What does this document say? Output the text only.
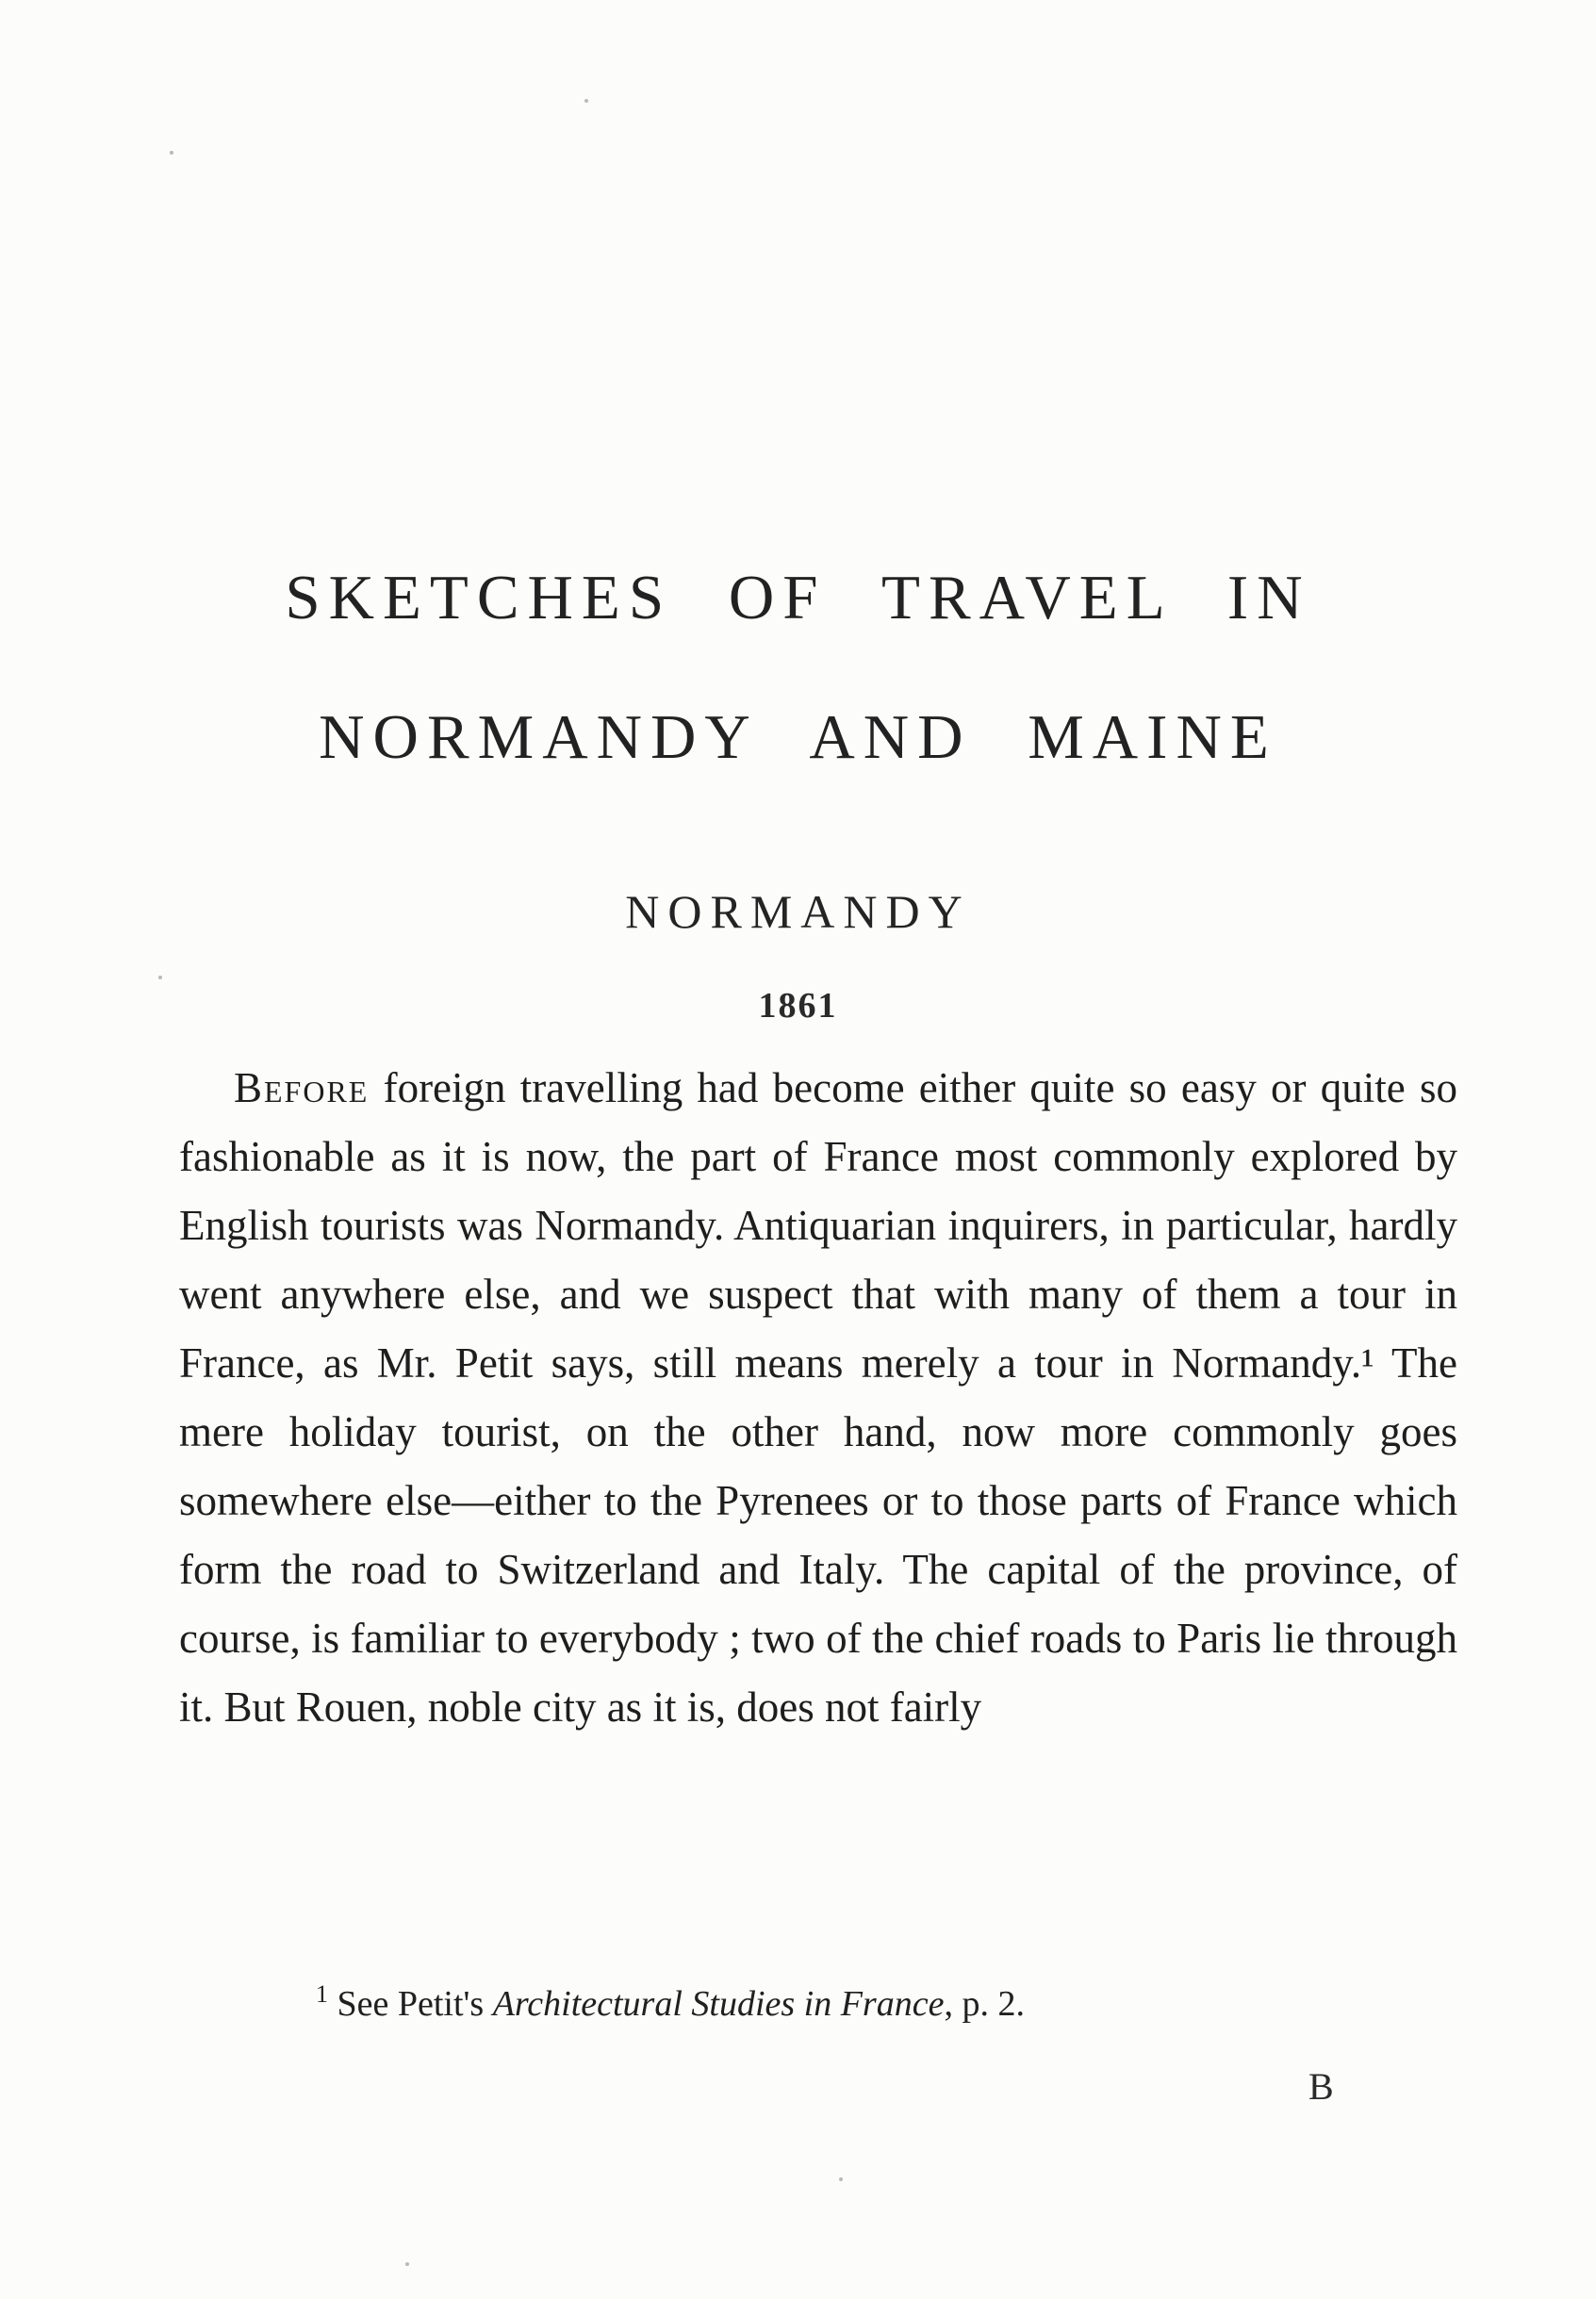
SKETCHES OF TRAVEL IN
NORMANDY AND MAINE
NORMANDY
1861

Before foreign travelling had become either quite so easy or quite so fashionable as it is now, the part of France most commonly explored by English tourists was Normandy. Antiquarian inquirers, in particular, hardly went anywhere else, and we suspect that with many of them a tour in France, as Mr. Petit says, still means merely a tour in Normandy.¹ The mere holiday tourist, on the other hand, now more commonly goes somewhere else—either to the Pyrenees or to those parts of France which form the road to Switzerland and Italy. The capital of the province, of course, is familiar to everybody ; two of the chief roads to Paris lie through it. But Rouen, noble city as it is, does not fairly

$^1$ See Petit's Architectural Studies in France, p. 2.

B
